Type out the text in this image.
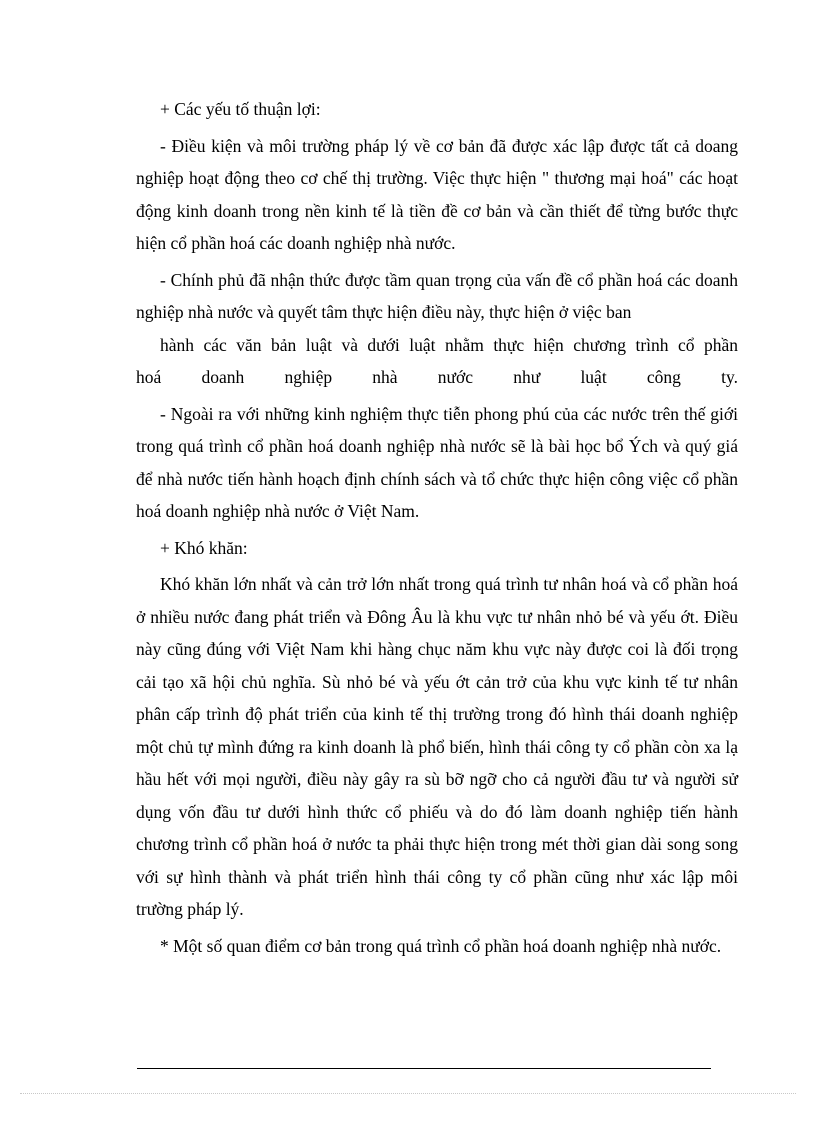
+ Các yếu tố thuận lợi:

- Điều kiện và môi trường pháp lý về cơ bản đã được xác lập được tất cả doang nghiệp hoạt động theo cơ chế thị trường. Việc thực hiện " thương mại hoá" các hoạt động kinh doanh trong nền kinh tế là tiền đề cơ bản và cần thiết để từng bước thực hiện cổ phần hoá các doanh nghiệp nhà nước.

- Chính phủ đã nhận thức được tầm quan trọng của vấn đề cổ phần hoá các doanh nghiệp nhà nước và quyết tâm thực hiện điều này, thực hiện ở việc ban

hành các văn bản luật và dưới luật nhằm thực hiện chương trình cổ phần

hoá doanh nghiệp nhà nước như luật công ty.

- Ngoài ra với những kinh nghiệm thực tiễn phong phú của các nước trên thế giới trong quá trình cổ phần hoá doanh nghiệp nhà nước sẽ là bài học bổ Ých và quý giá để nhà nước tiến hành hoạch định chính sách và tổ chức thực hiện công việc cổ phần hoá doanh nghiệp nhà nước ở Việt Nam.

+ Khó khăn:

Khó khăn lớn nhất và cản trở lớn nhất trong quá trình tư nhân hoá và cổ phần hoá ở nhiều nước đang phát triển và Đông Âu là khu vực tư nhân nhỏ bé và yếu ớt. Điều này cũng đúng với Việt Nam khi hàng chục năm khu vực này được coi là đối trọng cải tạo xã hội chủ nghĩa. Sù nhỏ bé và yếu ớt cản trở của khu vực kinh tế tư nhân phân cấp trình độ phát triển của kinh tế thị trường trong đó hình thái doanh nghiệp một chủ tự mình đứng ra kinh doanh là phổ biến, hình thái công ty cổ phần còn xa lạ hầu hết với mọi người, điều này gây ra sù bỡ ngỡ cho cả người đầu tư và người sử dụng vốn đầu tư dưới hình thức cổ phiếu và do đó làm doanh nghiệp tiến hành chương trình cổ phần hoá ở nước ta phải thực hiện trong mét thời gian dài song song với sự hình thành và phát triển hình thái công ty cổ phần cũng như xác lập môi trường pháp lý.

* Một số quan điểm cơ bản trong quá trình cổ phần hoá doanh nghiệp nhà nước.
